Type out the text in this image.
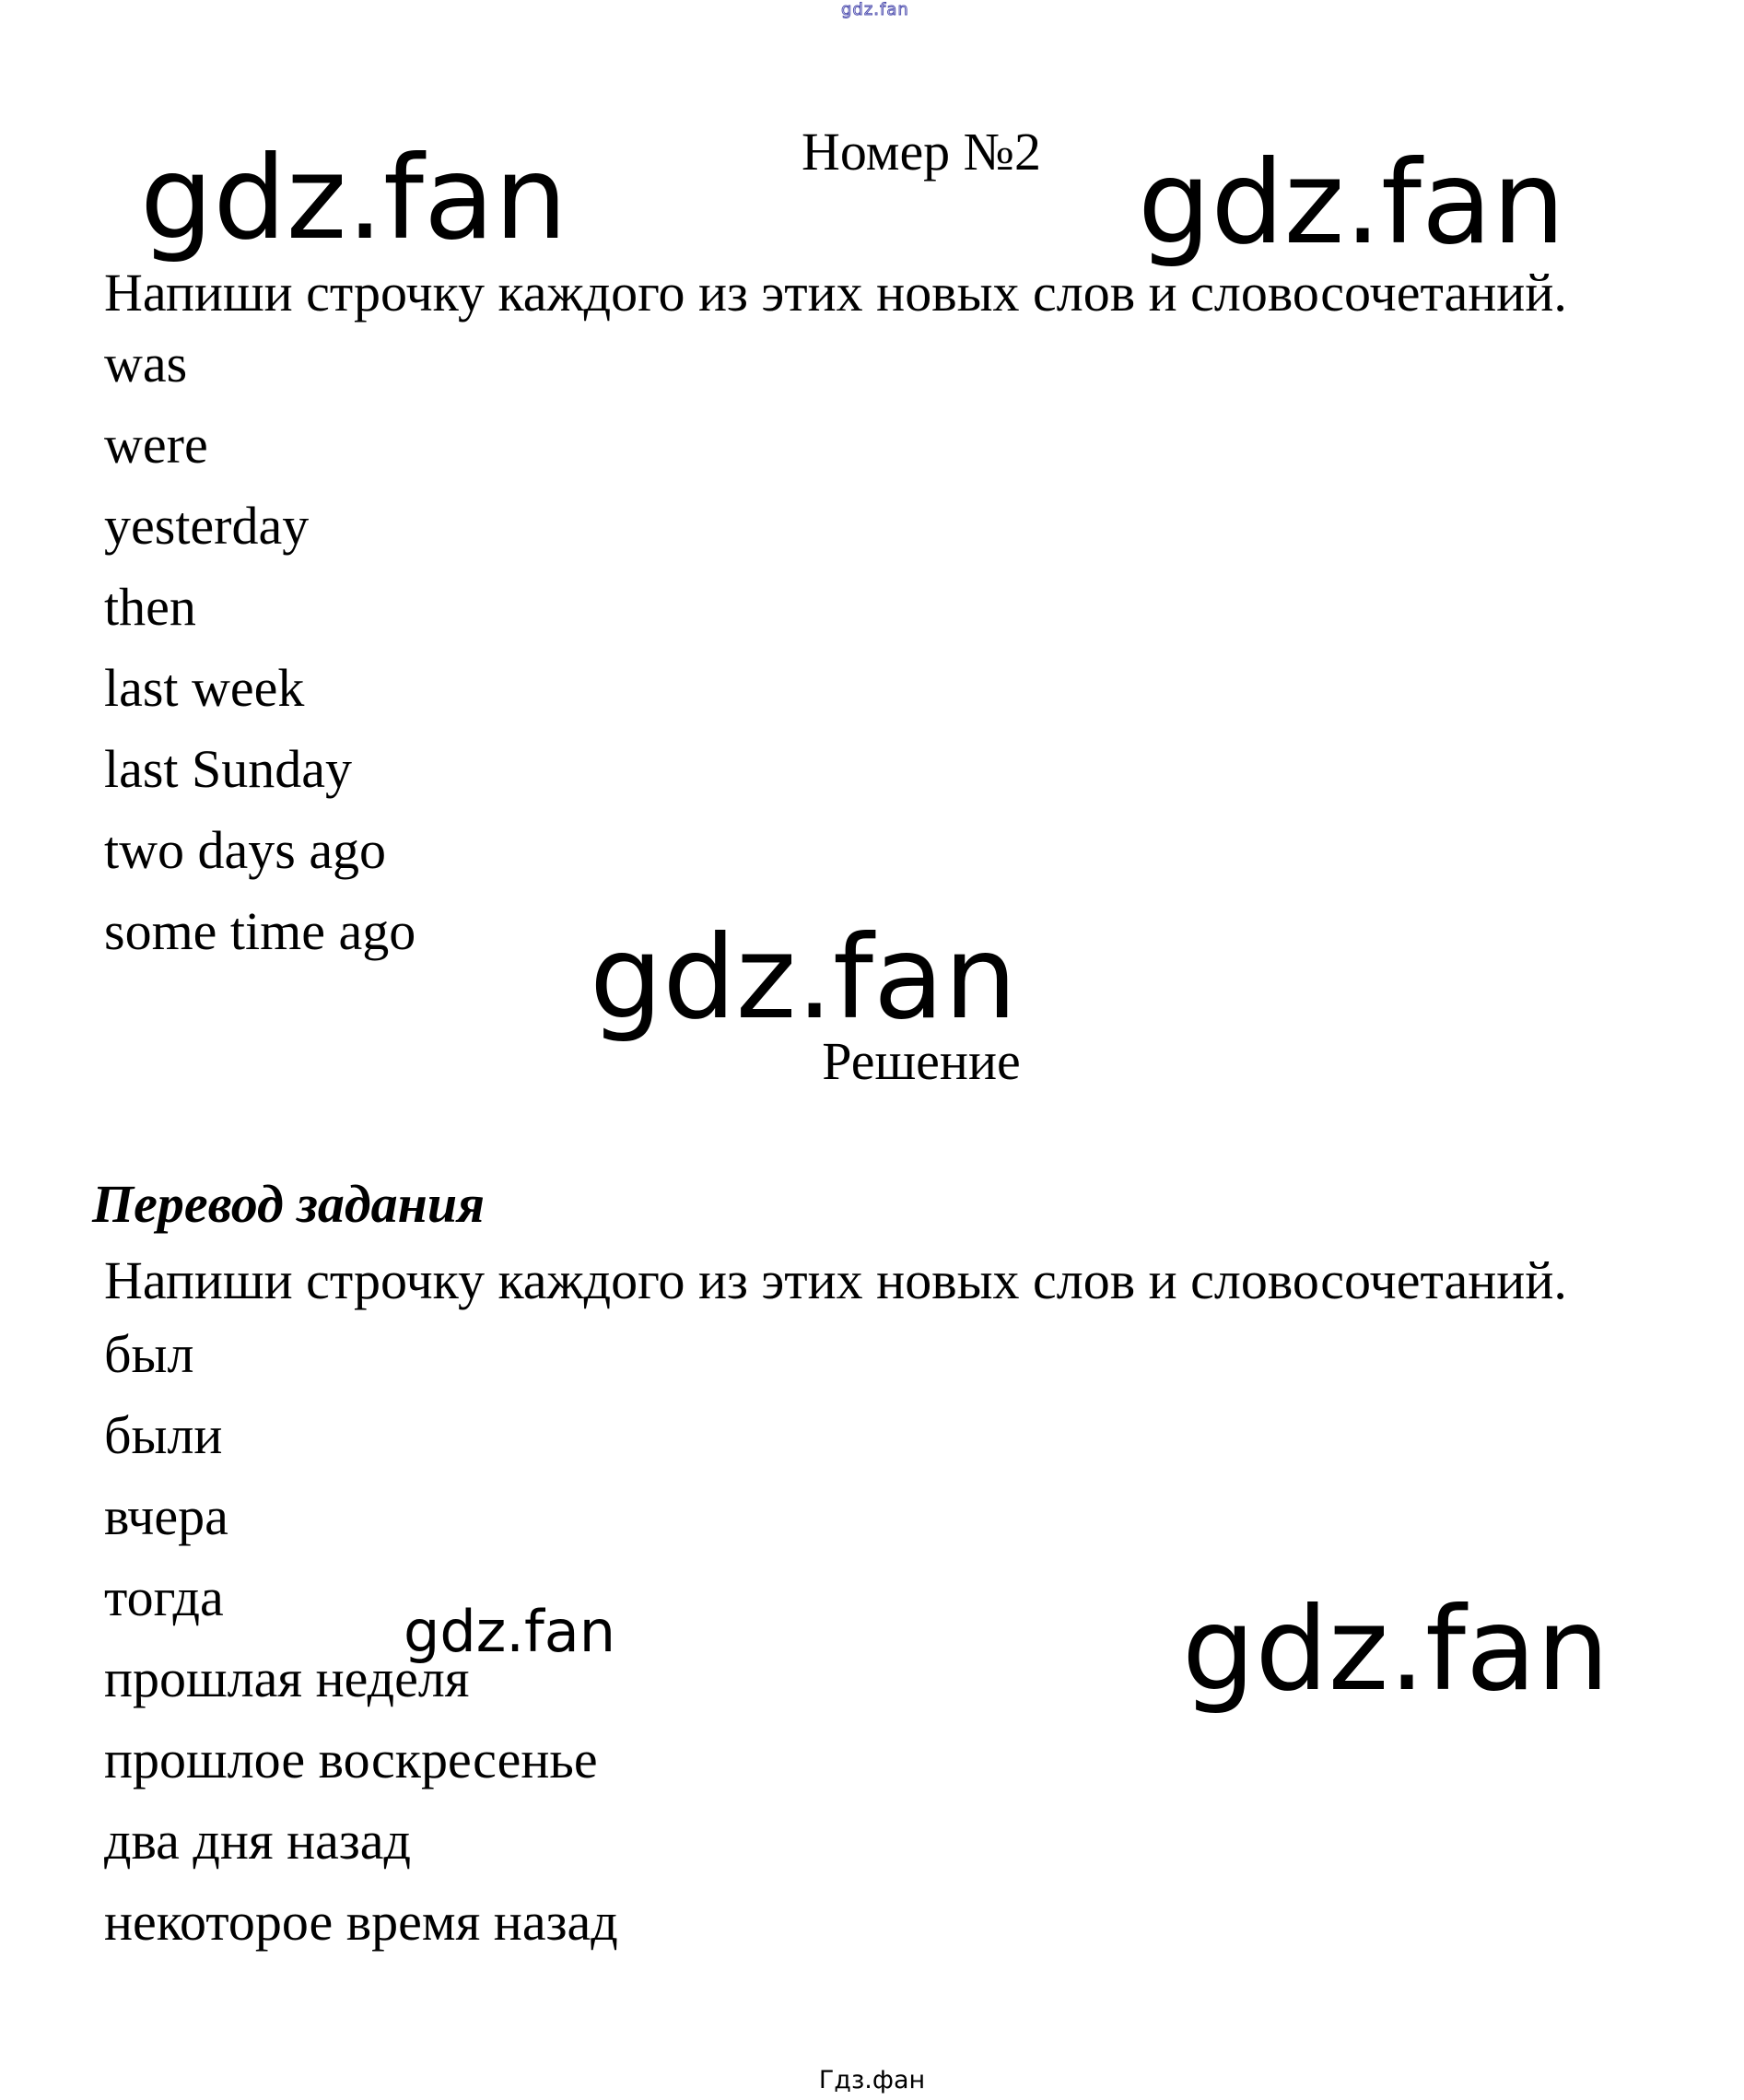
gdz.fan
gdz.fan	gdz.fan
gdz.fan
gdz.fan	gdz.fan
Номер №2
Напиши строчку каждого из этих новых слов и словосочетаний.
was
were
yesterday
then
last week
last Sunday
two days ago
some time ago
Решение
Перевод задания
Напиши строчку каждого из этих новых слов и словосочетаний.
был
были
вчера
тогда
прошлая неделя
прошлое воскресенье
два дня назад
некоторое время назад
Гдз.фан
